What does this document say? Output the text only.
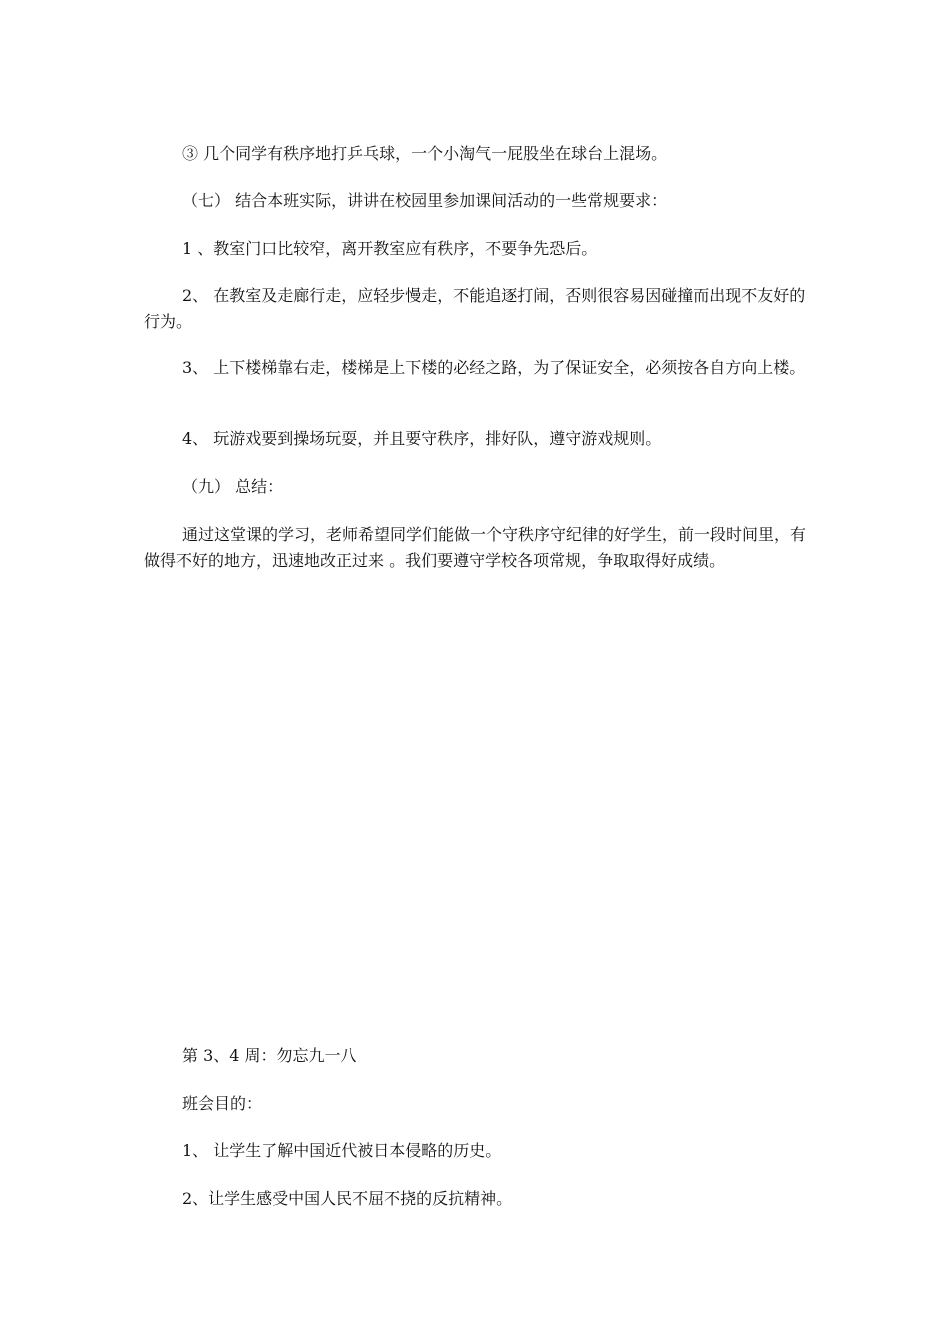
③ 几个同学有秩序地打乒乓球，一个小淘气一屁股坐在球台上混场。

（七） 结合本班实际，讲讲在校园里参加课间活动的一些常规要求：

1 、教室门口比较窄，离开教室应有秩序，不要争先恐后。

2、 在教室及走廊行走，应轻步慢走，不能追逐打闹，否则很容易因碰撞而出现不友好的行为。

3、 上下楼梯靠右走，楼梯是上下楼的必经之路，为了保证安全，必须按各自方向上楼。

4、 玩游戏要到操场玩耍，并且要守秩序，排好队，遵守游戏规则。

（九） 总结：

通过这堂课的学习，老师希望同学们能做一个守秩序守纪律的好学生，前一段时间里，有做得不好的地方，迅速地改正过来 。我们要遵守学校各项常规，争取取得好成绩。

第 3、4 周：勿忘九一八

班会目的：

1、 让学生了解中国近代被日本侵略的历史。

2、让学生感受中国人民不屈不挠的反抗精神。
